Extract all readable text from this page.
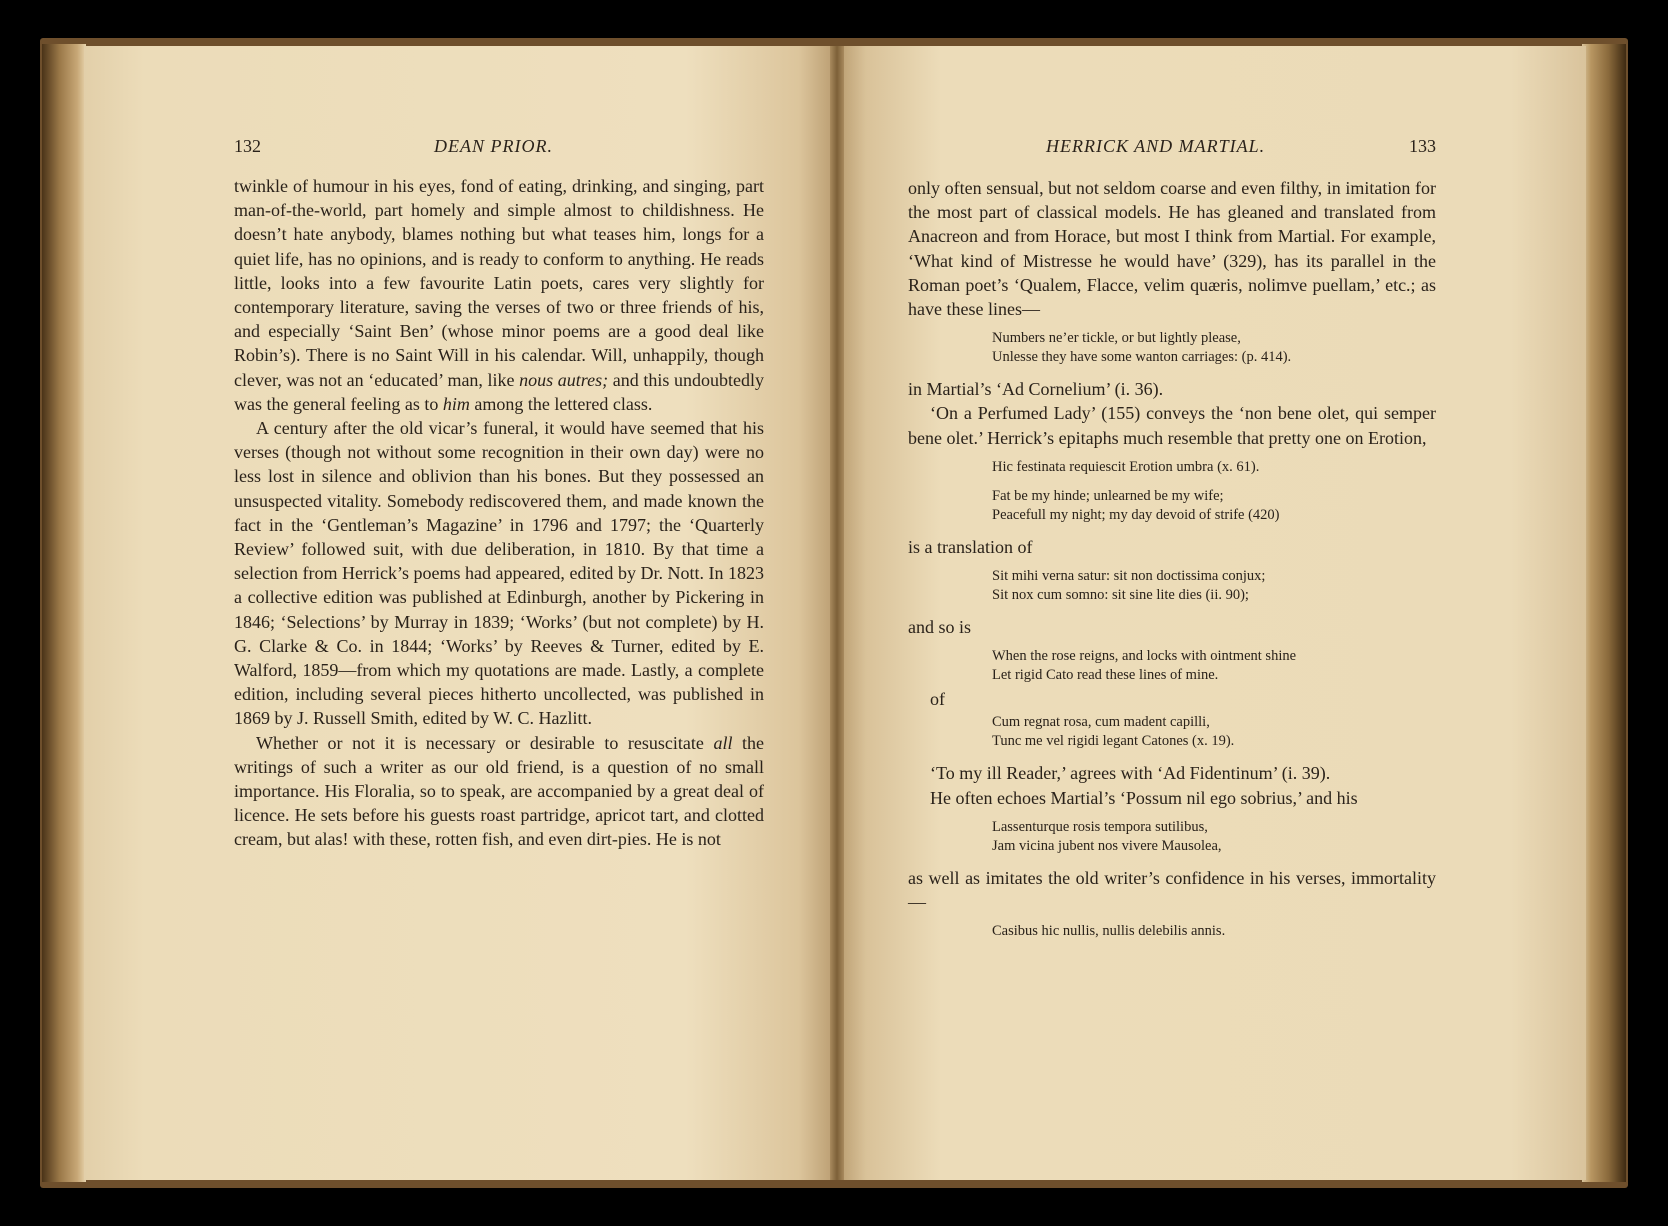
132	DEAN PRIOR.	HERRICK AND MARTIAL.	133

twinkle of humour in his eyes, fond of eating, drinking, and singing, part man-of-the-world, part homely and simple almost to childishness. He doesn’t hate anybody, blames nothing but what teases him, longs for a quiet life, has no opinions, and is ready to conform to anything. He reads little, looks into a few favourite Latin poets, cares very slightly for contemporary literature, saving the verses of two or three friends of his, and especially ‘Saint Ben’ (whose minor poems are a good deal like Robin’s). There is no Saint Will in his calendar. Will, unhappily, though clever, was not an ‘educated’ man, like nous autres; and this undoubtedly was the general feeling as to him among the lettered class.

A century after the old vicar’s funeral, it would have seemed that his verses (though not without some recognition in their own day) were no less lost in silence and oblivion than his bones. But they possessed an unsuspected vitality. Somebody rediscovered them, and made known the fact in the ‘Gentleman’s Magazine’ in 1796 and 1797; the ‘Quarterly Review’ followed suit, with due deliberation, in 1810. By that time a selection from Herrick’s poems had appeared, edited by Dr. Nott. In 1823 a collective edition was published at Edinburgh, another by Pickering in 1846; ‘Selections’ by Murray in 1839; ‘Works’ (but not complete) by H. G. Clarke & Co. in 1844; ‘Works’ by Reeves & Turner, edited by E. Walford, 1859—from which my quotations are made. Lastly, a complete edition, including several pieces hitherto uncollected, was published in 1869 by J. Russell Smith, edited by W. C. Hazlitt.

Whether or not it is necessary or desirable to resuscitate all the writings of such a writer as our old friend, is a question of no small importance. His Floralia, so to speak, are accompanied by a great deal of licence. He sets before his guests roast partridge, apricot tart, and clotted cream, but alas! with these, rotten fish, and even dirt-pies. He is not

only often sensual, but not seldom coarse and even filthy, in imitation for the most part of classical models. He has gleaned and translated from Anacreon and from Horace, but most I think from Martial. For example, ‘What kind of Mistresse he would have’ (329), has its parallel in the Roman poet’s ‘Qualem, Flacce, velim quæris, nolimve puellam,’ etc.; as have these lines—

Numbers ne’er tickle, or but lightly please,
Unlesse they have some wanton carriages: (p. 414).

in Martial’s ‘Ad Cornelium’ (i. 36).

‘On a Perfumed Lady’ (155) conveys the ‘non bene olet, qui semper bene olet.’ Herrick’s epitaphs much resemble that pretty one on Erotion,

Hic festinata requiescit Erotion umbra (x. 61).
Fat be my hinde; unlearned be my wife;
Peacefull my night; my day devoid of strife (420)

is a translation of

Sit mihi verna satur: sit non doctissima conjux;
Sit nox cum somno: sit sine lite dies (ii. 90);

and so is

When the rose reigns, and locks with ointment shine
Let rigid Cato read these lines of mine.

of

Cum regnat rosa, cum madent capilli,
Tunc me vel rigidi legant Catones (x. 19).

‘To my ill Reader,’ agrees with ‘Ad Fidentinum’ (i. 39).

He often echoes Martial’s ‘Possum nil ego sobrius,’ and his

Lassenturque rosis tempora sutilibus,
Jam vicina jubent nos vivere Mausolea,

as well as imitates the old writer’s confidence in his verses, immortality—

Casibus hic nullis, nullis delebilis annis.
